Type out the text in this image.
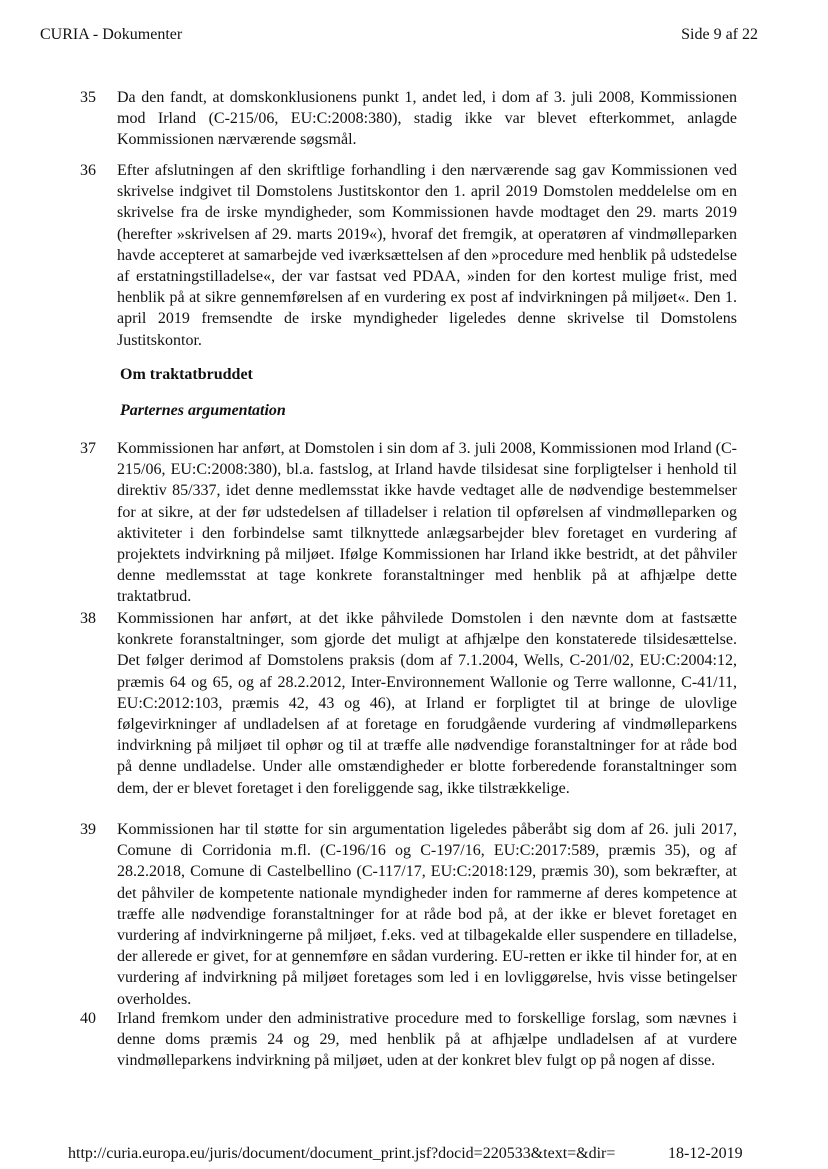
CURIA - Dokumenter	Side 9 af 22
35 Da den fandt, at domskonklusionens punkt 1, andet led, i dom af 3. juli 2008, Kommissionen mod Irland (C-215/06, EU:C:2008:380), stadig ikke var blevet efterkommet, anlagde Kommissionen nærværende søgsmål.
36 Efter afslutningen af den skriftlige forhandling i den nærværende sag gav Kommissionen ved skrivelse indgivet til Domstolens Justitskontor den 1. april 2019 Domstolen meddelelse om en skrivelse fra de irske myndigheder, som Kommissionen havde modtaget den 29. marts 2019 (herefter »skrivelsen af 29. marts 2019«), hvoraf det fremgik, at operatøren af vindmølleparken havde accepteret at samarbejde ved iværksættelsen af den »procedure med henblik på udstedelse af erstatningstilladelse«, der var fastsat ved PDAA, »inden for den kortest mulige frist, med henblik på at sikre gennemførelsen af en vurdering ex post af indvirkningen på miljøet«. Den 1. april 2019 fremsendte de irske myndigheder ligeledes denne skrivelse til Domstolens Justitskontor.
Om traktatbruddet
Parternes argumentation
37 Kommissionen har anført, at Domstolen i sin dom af 3. juli 2008, Kommissionen mod Irland (C-215/06, EU:C:2008:380), bl.a. fastslog, at Irland havde tilsidesat sine forpligtelser i henhold til direktiv 85/337, idet denne medlemsstat ikke havde vedtaget alle de nødvendige bestemmelser for at sikre, at der før udstedelsen af tilladelser i relation til opførelsen af vindmølleparken og aktiviteter i den forbindelse samt tilknyttede anlægsarbejder blev foretaget en vurdering af projektets indvirkning på miljøet. Ifølge Kommissionen har Irland ikke bestridt, at det påhviler denne medlemsstat at tage konkrete foranstaltninger med henblik på at afhjælpe dette traktatbrud.
38 Kommissionen har anført, at det ikke påhvilede Domstolen i den nævnte dom at fastsætte konkrete foranstaltninger, som gjorde det muligt at afhjælpe den konstaterede tilsidesættelse. Det følger derimod af Domstolens praksis (dom af 7.1.2004, Wells, C-201/02, EU:C:2004:12, præmis 64 og 65, og af 28.2.2012, Inter-Environnement Wallonie og Terre wallonne, C-41/11, EU:C:2012:103, præmis 42, 43 og 46), at Irland er forpligtet til at bringe de ulovlige følgevirkninger af undladelsen af at foretage en forudgående vurdering af vindmølleparkens indvirkning på miljøet til ophør og til at træffe alle nødvendige foranstaltninger for at råde bod på denne undladelse. Under alle omstændigheder er blotte forberedende foranstaltninger som dem, der er blevet foretaget i den foreliggende sag, ikke tilstrækkelige.
39 Kommissionen har til støtte for sin argumentation ligeledes påberåbt sig dom af 26. juli 2017, Comune di Corridonia m.fl. (C-196/16 og C-197/16, EU:C:2017:589, præmis 35), og af 28.2.2018, Comune di Castelbellino (C-117/17, EU:C:2018:129, præmis 30), som bekræfter, at det påhviler de kompetente nationale myndigheder inden for rammerne af deres kompetence at træffe alle nødvendige foranstaltninger for at råde bod på, at der ikke er blevet foretaget en vurdering af indvirkningerne på miljøet, f.eks. ved at tilbagekalde eller suspendere en tilladelse, der allerede er givet, for at gennemføre en sådan vurdering. EU-retten er ikke til hinder for, at en vurdering af indvirkning på miljøet foretages som led i en lovliggørelse, hvis visse betingelser overholdes.
40 Irland fremkom under den administrative procedure med to forskellige forslag, som nævnes i denne doms præmis 24 og 29, med henblik på at afhjælpe undladelsen af at vurdere vindmølleparkens indvirkning på miljøet, uden at der konkret blev fulgt op på nogen af disse.
http://curia.europa.eu/juris/document/document_print.jsf?docid=220533&text=&dir=	18-12-2019
